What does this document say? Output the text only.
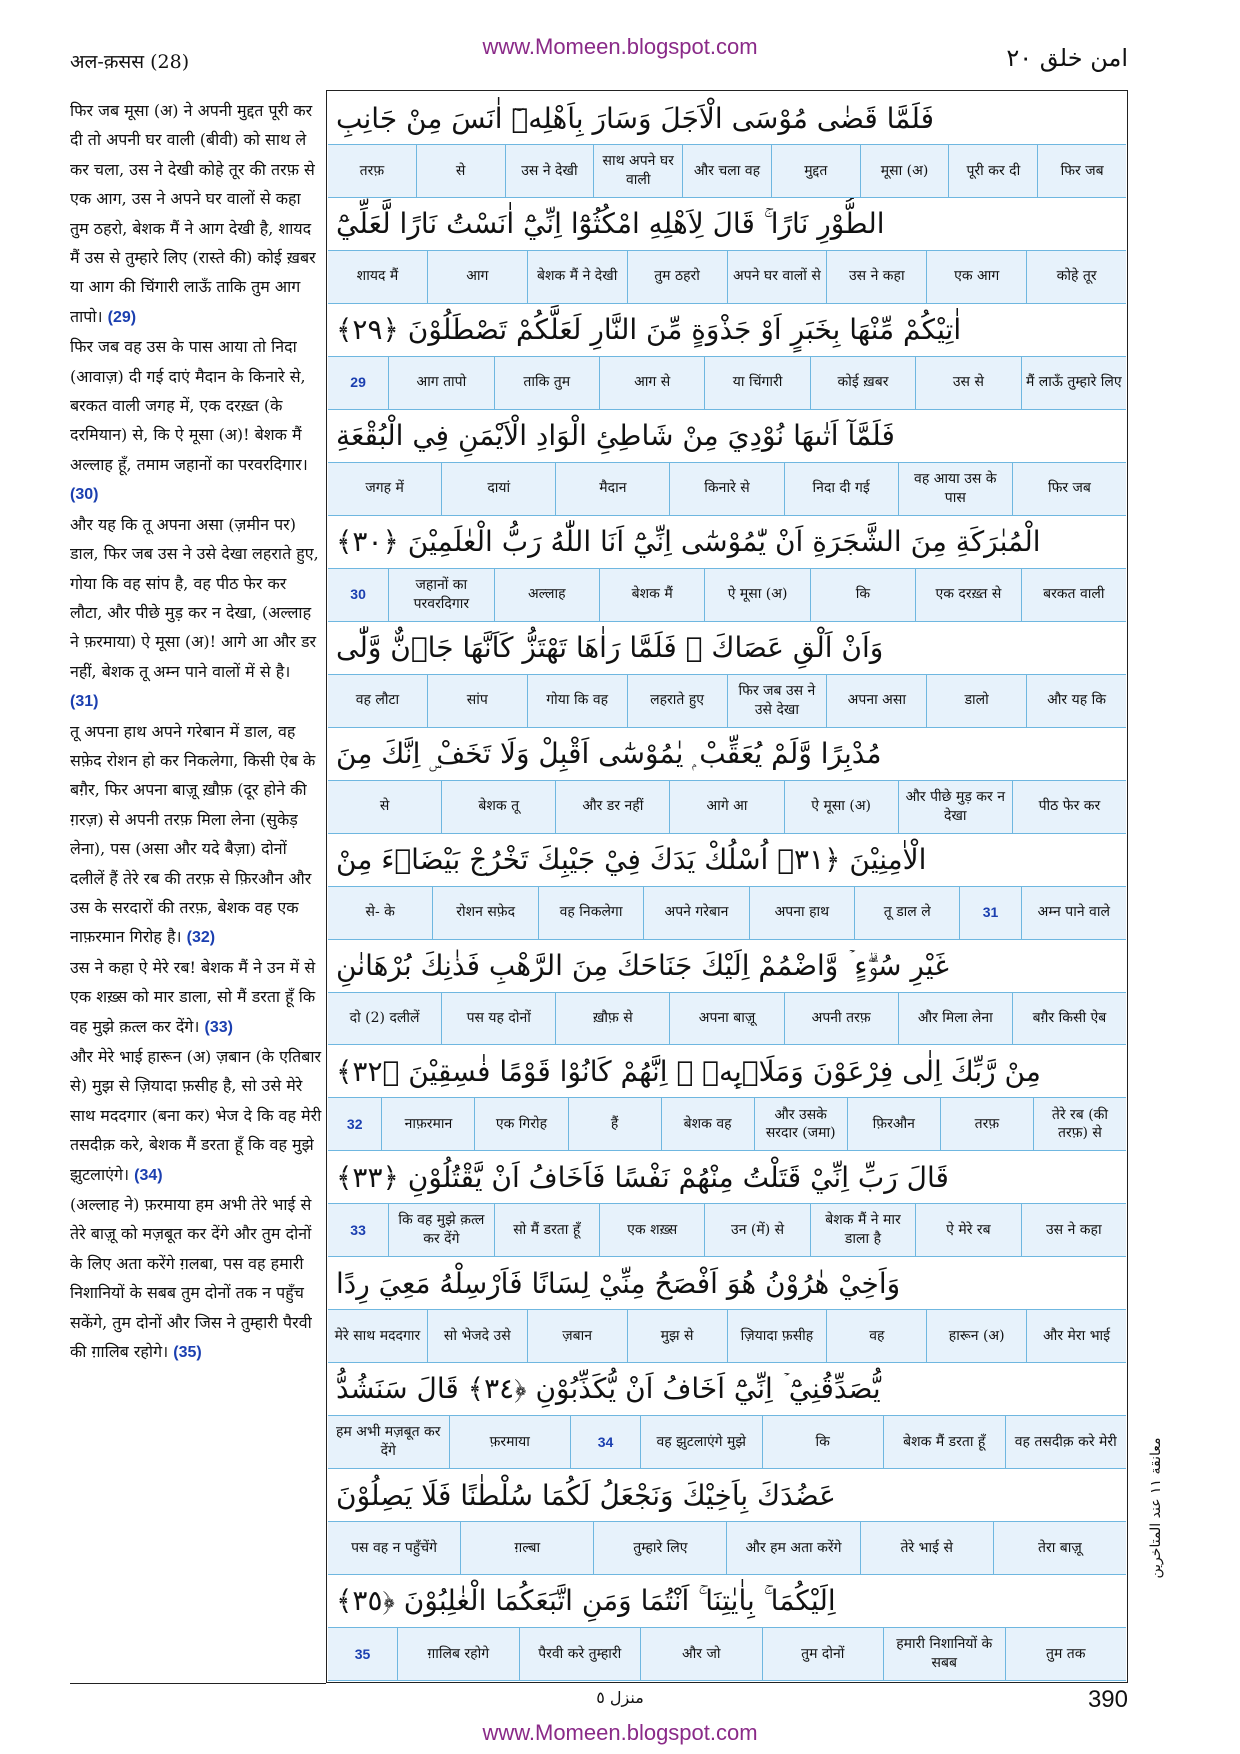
अल-क़सस (28)
www.Momeen.blogspot.com	امن خلق ٢٠
फिर जब मूसा (अ) ने अपनी मुद्दत पूरी कर दी तो अपनी घर वाली (बीवी) को साथ ले कर चला, उस ने देखी कोहे तूर की तरफ़ से एक आग, उस ने अपने घर वालों से कहा तुम ठहरो, बेशक मैं ने आग देखी है, शायद मैं उस से तुम्हारे लिए (रास्ते की) कोई ख़बर या आग की चिंगारी लाऊँ ताकि तुम आग तापो। (29)
फिर जब वह उस के पास आया तो निदा (आवाज़) दी गई दाएं मैदान के किनारे से, बरकत वाली जगह में, एक दरख़्त (के दरमियान) से, कि ऐ मूसा (अ)! बेशक मैं अल्लाह हूँ, तमाम जहानों का परवरदिगार। (30)
और यह कि तू अपना असा (ज़मीन पर) डाल, फिर जब उस ने उसे देखा लहराते हुए, गोया कि वह सांप है, वह पीठ फेर कर लौटा, और पीछे मुड़ कर न देखा, (अल्लाह ने फ़रमाया) ऐ मूसा (अ)! आगे आ और डर नहीं, बेशक तू अम्न पाने वालों में से है। (31)
तू अपना हाथ अपने गरेबान में डाल, वह सफ़ेद रोशन हो कर निकलेगा, किसी ऐब के बग़ैर, फिर अपना बाज़ू ख़ौफ़ (दूर होने की ग़रज़) से अपनी तरफ़ मिला लेना (सुकेड़ लेना), पस (असा और यदे बैज़ा) दोनों दलीलें हैं तेरे रब की तरफ़ से फ़िरऔन और उस के सरदारों की तरफ़, बेशक वह एक नाफ़रमान गिरोह है। (32)
उस ने कहा ऐ मेरे रब! बेशक मैं ने उन में से एक शख़्स को मार डाला, सो मैं डरता हूँ कि वह मुझे क़त्ल कर देंगे। (33)
और मेरे भाई हारून (अ) ज़बान (के एतिबार से) मुझ से ज़ियादा फ़सीह है, सो उसे मेरे साथ मददगार (बना कर) भेज दे कि वह मेरी तसदीक़ करे, बेशक मैं डरता हूँ कि वह मुझे झुटलाएंगे। (34)
(अल्लाह ने) फ़रमाया हम अभी तेरे भाई से तेरे बाज़ू को मज़बूत कर देंगे और तुम दोनों के लिए अता करेंगे ग़लबा, पस वह हमारी निशानियों के सबब तुम दोनों तक न पहुँच सकेंगे, तुम दोनों और जिस ने तुम्हारी पैरवी की ग़ालिब रहोगे। (35)
فَلَمَّا قَضٰى مُوْسَى الْاَجَلَ وَسَارَ بِاَهْلِهٖٓ اٰنَسَ مِنْ جَانِبِ
फिर जब
पूरी कर दी
मूसा (अ)
मुद्दत
और चला वह
साथ अपने घर वाली
उस ने देखी
से
तरफ़
الطُّوْرِ نَارًا ۚ قَالَ لِاَهْلِهِ امْكُثُوْٓا اِنِّيْٓ اٰنَسْتُ نَارًا لَّعَلِّيْٓ
कोहे तूर
एक आग
उस ने कहा
अपने घर वालों से
तुम ठहरो
बेशक मैं ने देखी
आग
शायद मैं
اٰتِيْكُمْ مِّنْهَا بِخَبَرٍ اَوْ جَذْوَةٍ مِّنَ النَّارِ لَعَلَّكُمْ تَصْطَلُوْنَ ﴿٢٩﴾
मैं लाऊँ तुम्हारे लिए
उस से
कोई ख़बर
या चिंगारी
आग से
ताकि तुम
आग तापो
29
فَلَمَّآ اَتٰىهَا نُوْدِيَ مِنْ شَاطِئِ الْوَادِ الْاَيْمَنِ فِي الْبُقْعَةِ
फिर जब
वह आया उस के पास
निदा दी गई
किनारे से
मैदान
दायां
जगह में
الْمُبٰرَكَةِ مِنَ الشَّجَرَةِ اَنْ يّٰمُوْسٰٓى اِنِّيْٓ اَنَا اللّٰهُ رَبُّ الْعٰلَمِيْنَ ﴿٣٠﴾
बरकत वाली
एक दरख़्त से
कि
ऐ मूसा (अ)
बेशक मैं
अल्लाह
जहानों का परवरदिगार
30
وَاَنْ اَلْقِ عَصَاكَ ۭ فَلَمَّا رَاٰهَا تَهْتَزُّ كَاَنَّهَا جَاۤنٌّ وَّلّٰى
और यह कि
डालो
अपना असा
फिर जब उस ने उसे देखा
लहराते हुए
गोया कि वह
सांप
वह लौटा
مُدْبِرًا وَّلَمْ يُعَقِّبْ ۭ يٰمُوْسٰٓى اَقْبِلْ وَلَا تَخَفْ ۣ اِنَّكَ مِنَ
पीठ फेर कर
और पीछे मुड़ कर न देखा
ऐ मूसा (अ)
आगे आ
और डर नहीं
बेशक तू
से
الْاٰمِنِيْنَ ﴿٣١﴾ اُسْلُكْ يَدَكَ فِيْ جَيْبِكَ تَخْرُجْ بَيْضَاۗءَ مِنْ
अम्न पाने वाले
31
तू डाल ले
अपना हाथ
अपने गरेबान
वह निकलेगा
रोशन सफ़ेद
से- के
غَيْرِ سُوْۗءٍ ۡ وَّاضْمُمْ اِلَيْكَ جَنَاحَكَ مِنَ الرَّهْبِ فَذٰنِكَ بُرْهَانٰنِ
बग़ैर किसी ऐब
और मिला लेना
अपनी तरफ़
अपना बाज़ू
ख़ौफ़ से
पस यह दोनों
दो (2) दलीलें
مِنْ رَّبِّكَ اِلٰى فِرْعَوْنَ وَمَلَا۟ىِٕهٖ ۭ اِنَّهُمْ كَانُوْا قَوْمًا فٰسِقِيْنَ ﴿٣٢﴾
तेरे रब (की तरफ़) से
तरफ़
फ़िरऔन
और उसके सरदार (जमा)
बेशक वह
हैं
एक गिरोह
नाफ़रमान
32
قَالَ رَبِّ اِنِّيْ قَتَلْتُ مِنْهُمْ نَفْسًا فَاَخَافُ اَنْ يَّقْتُلُوْنِ ﴿٣٣﴾
उस ने कहा
ऐ मेरे रब
बेशक मैं ने मार डाला है
उन (में) से
एक शख़्स
सो मैं डरता हूँ
कि वह मुझे क़त्ल कर देंगे
33
وَاَخِيْ هٰرُوْنُ هُوَ اَفْصَحُ مِنِّيْ لِسَانًا فَاَرْسِلْهُ مَعِيَ رِدًا
और मेरा भाई
हारून (अ)
वह
ज़ियादा फ़सीह
मुझ से
ज़बान
सो भेजदे उसे
मेरे साथ मददगार
يُّصَدِّقُنِيْٓ ۡ اِنِّيْٓ اَخَافُ اَنْ يُّكَذِّبُوْنِ ﴿٣٤﴾ قَالَ سَنَشُدُّ
वह तसदीक़ करे मेरी
बेशक मैं डरता हूँ
कि
वह झुटलाएंगे मुझे
34
फ़रमाया
हम अभी मज़बूत कर देंगे
عَضُدَكَ بِاَخِيْكَ وَنَجْعَلُ لَكُمَا سُلْطٰنًا فَلَا يَصِلُوْنَ
तेरा बाज़ू
तेरे भाई से
और हम अता करेंगे
तुम्हारे लिए
ग़ल्बा
पस वह न पहुँचेंगे
اِلَيْكُمَا ۚ بِاٰيٰتِنَا ۚ اَنْتُمَا وَمَنِ اتَّبَعَكُمَا الْغٰلِبُوْنَ ﴿٣٥﴾
तुम तक
हमारी निशानियों के सबब
तुम दोनों
और जो
पैरवी करे तुम्हारी
ग़ालिब रहोगे
35
معانقة ١١ عند المتاخرين
منزل ٥	390
www.Momeen.blogspot.com
